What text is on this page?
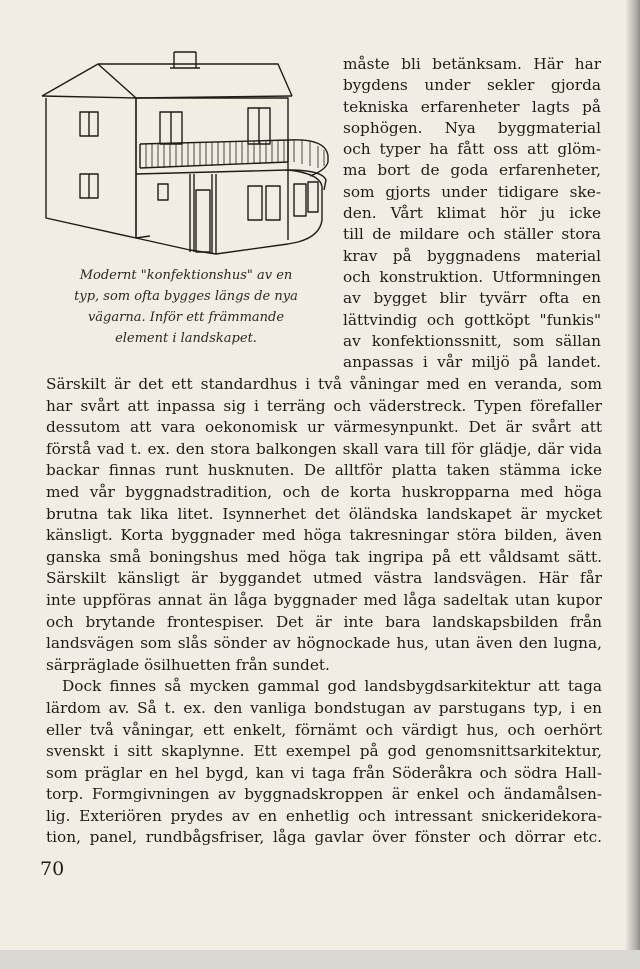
Modernt "konfektionshus" av en
typ, som ofta bygges längs de nya
vägarna. Inför ett främmande
element i landskapet.
måste bli betänksam. Här har
bygdens under sekler gjorda
tekniska erfarenheter lagts på
sophögen. Nya byggmaterial
och typer ha fått oss att glöm-
ma bort de goda erfarenheter,
som gjorts under tidigare ske-
den. Vårt klimat hör ju icke
till de mildare och ställer stora
krav på byggnadens material
och konstruktion. Utformningen
av bygget blir tyvärr ofta en
lättvindig och gottköpt "funkis"
av konfektionssnitt, som sällan
anpassas i vår miljö på landet.
Särskilt är det ett standardhus i två våningar med en veranda, som
har svårt att inpassa sig i terräng och väderstreck. Typen förefaller
dessutom att vara oekonomisk ur värmesynpunkt. Det är svårt att
förstå vad t. ex. den stora balkongen skall vara till för glädje, där vida
backar finnas runt husknuten. De alltför platta taken stämma icke
med vår byggnadstradition, och de korta huskropparna med höga
brutna tak lika litet. Isynnerhet det öländska landskapet är mycket
känsligt. Korta byggnader med höga takresningar störa bilden, även
ganska små boningshus med höga tak ingripa på ett våldsamt sätt.
Särskilt känsligt är byggandet utmed västra landsvägen. Här får
inte uppföras annat än låga byggnader med låga sadeltak utan kupor
och brytande frontespiser. Det är inte bara landskapsbilden från
landsvägen som slås sönder av högnockade hus, utan även den lugna,
särpräglade ösilhuetten från sundet.
Dock finnes så mycken gammal god landsbygdsarkitektur att taga
lärdom av. Så t. ex. den vanliga bondstugan av parstugans typ, i en
eller två våningar, ett enkelt, förnämt och värdigt hus, och oerhört
svenskt i sitt skaplynne. Ett exempel på god genomsnittsarkitektur,
som präglar en hel bygd, kan vi taga från Söderåkra och södra Hall-
torp. Formgivningen av byggnadskroppen är enkel och ändamålsen-
lig. Exteriören prydes av en enhetlig och intressant snickeridekora-
tion, panel, rundbågsfriser, låga gavlar över fönster och dörrar etc.
70
